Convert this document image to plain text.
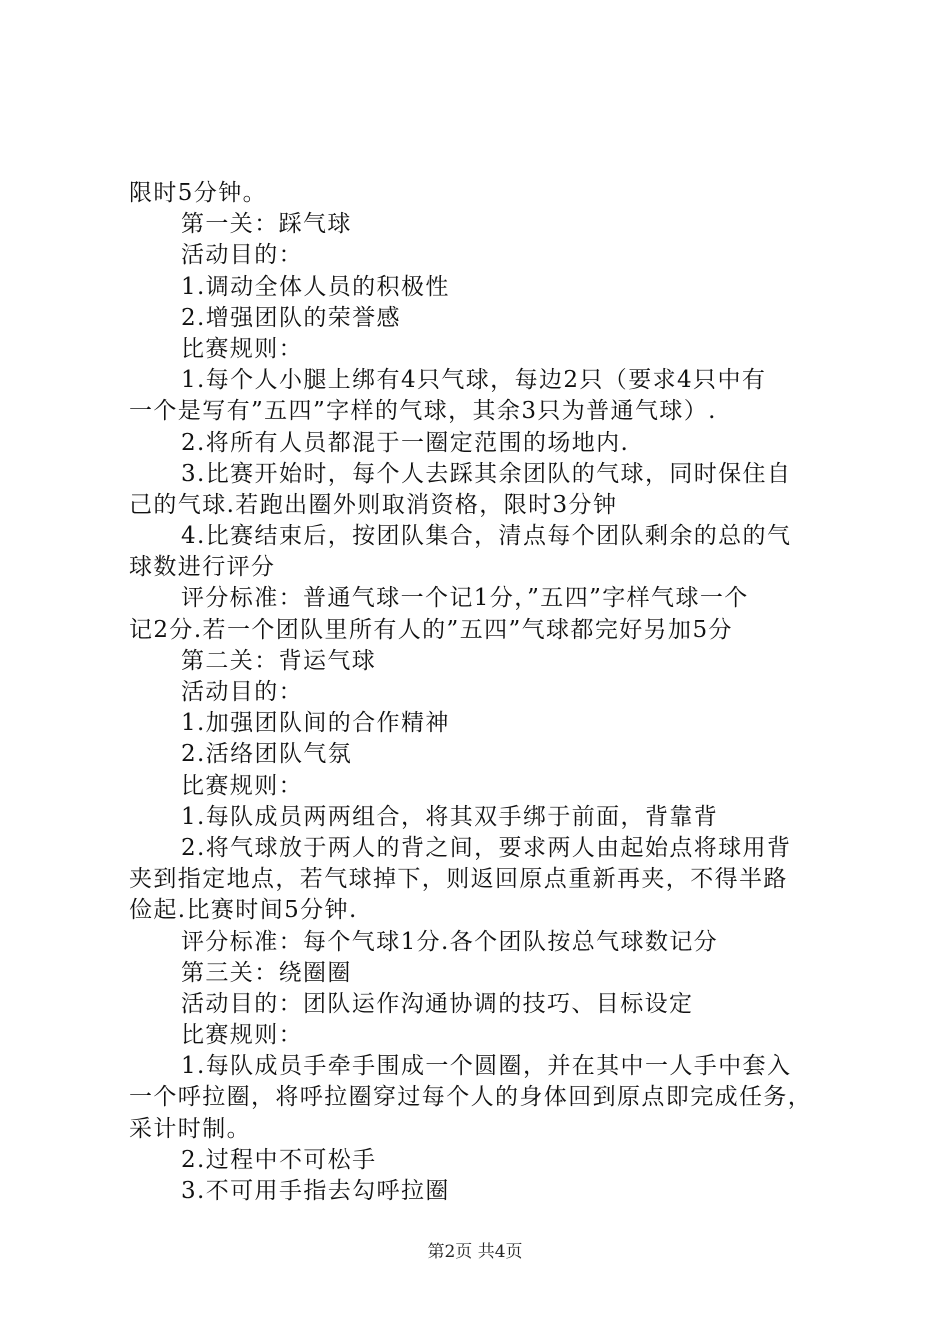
限时5分钟。
第一关：踩气球
活动目的：
1.调动全体人员的积极性
2.增强团队的荣誉感
比赛规则：
1.每个人小腿上绑有4只气球，每边2只（要求4只中有
一个是写有”五四”字样的气球，其余3只为普通气球）.
2.将所有人员都混于一圈定范围的场地内.
3.比赛开始时，每个人去踩其余团队的气球，同时保住自
己的气球.若跑出圈外则取消资格，限时3分钟
4.比赛结束后，按团队集合，清点每个团队剩余的总的气
球数进行评分
评分标准：普通气球一个记1分，”五四”字样气球一个
记2分.若一个团队里所有人的”五四”气球都完好另加5分
第二关：背运气球
活动目的：
1.加强团队间的合作精神
2.活络团队气氛
比赛规则：
1.每队成员两两组合，将其双手绑于前面，背靠背
2.将气球放于两人的背之间，要求两人由起始点将球用背
夹到指定地点，若气球掉下，则返回原点重新再夹，不得半路
俭起.比赛时间5分钟.
评分标准：每个气球1分.各个团队按总气球数记分
第三关：绕圈圈
活动目的：团队运作沟通协调的技巧、目标设定
比赛规则：
1.每队成员手牵手围成一个圆圈，并在其中一人手中套入
一个呼拉圈，将呼拉圈穿过每个人的身体回到原点即完成任务，
采计时制。
2.过程中不可松手
3.不可用手指去勾呼拉圈
第2页 共4页
